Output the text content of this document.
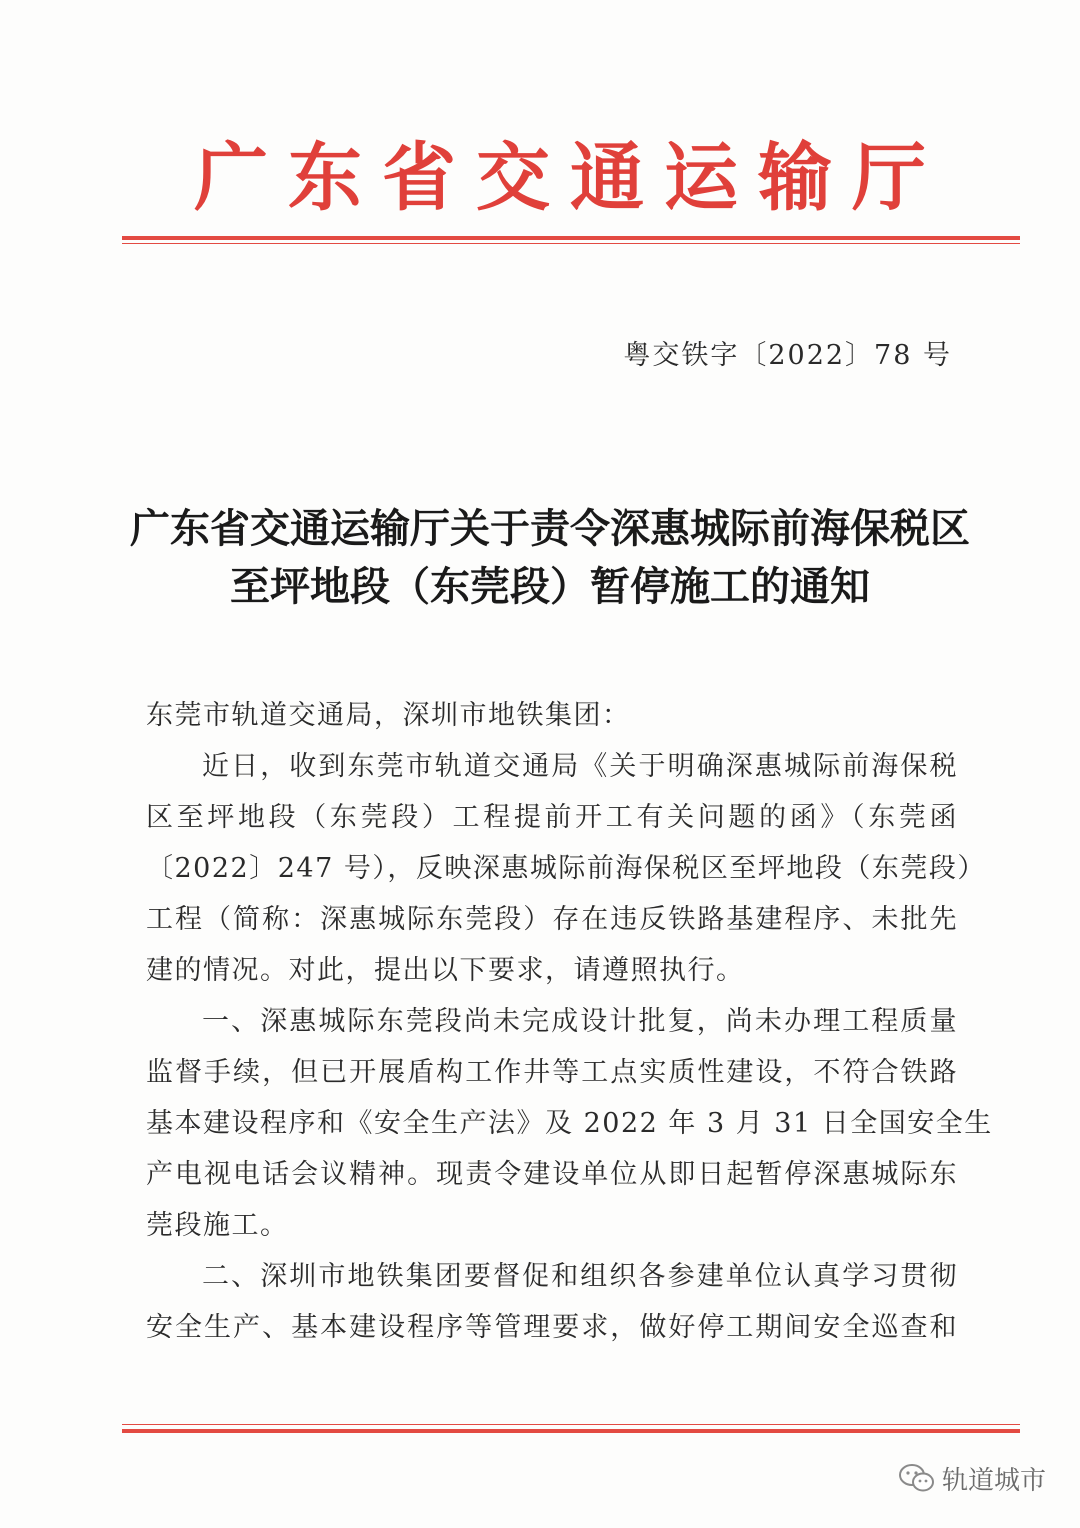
广东省交通运输厅
粤交铁字〔2022〕78 号
广东省交通运输厅关于责令深惠城际前海保税区
至坪地段（东莞段）暂停施工的通知
东莞市轨道交通局，深圳市地铁集团：
近日，收到东莞市轨道交通局《关于明确深惠城际前海保税
区至坪地段（东莞段）工程提前开工有关问题的函》（东莞函
〔2022〕247 号），反映深惠城际前海保税区至坪地段（东莞段）
工程（简称：深惠城际东莞段）存在违反铁路基建程序、未批先
建的情况。对此，提出以下要求，请遵照执行。
一、深惠城际东莞段尚未完成设计批复，尚未办理工程质量
监督手续，但已开展盾构工作井等工点实质性建设，不符合铁路
基本建设程序和《安全生产法》及 2022 年 3 月 31 日全国安全生
产电视电话会议精神。现责令建设单位从即日起暂停深惠城际东
莞段施工。
二、深圳市地铁集团要督促和组织各参建单位认真学习贯彻
安全生产、基本建设程序等管理要求，做好停工期间安全巡查和
轨道城市
